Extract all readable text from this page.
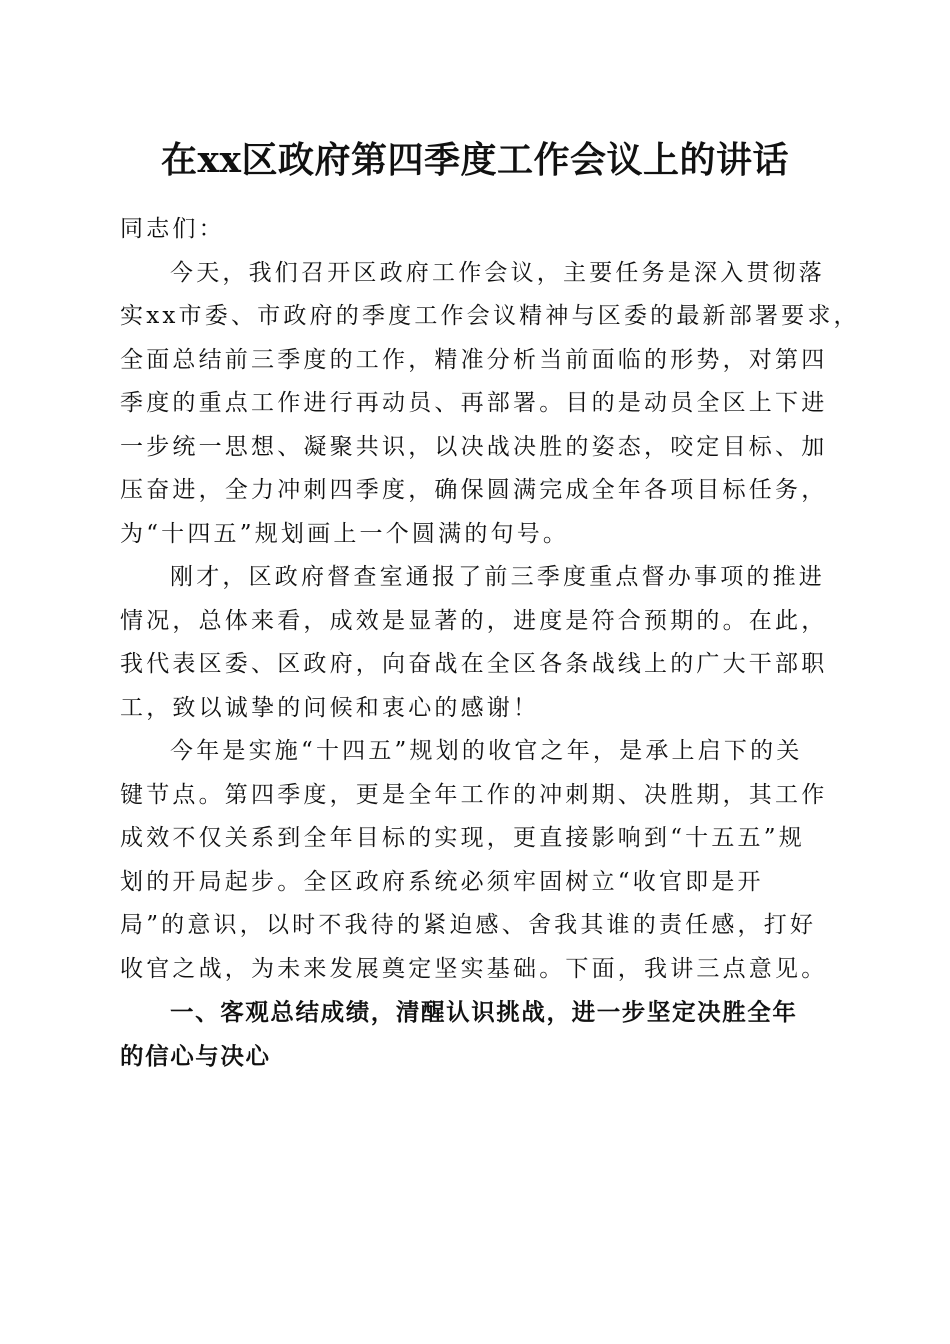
在xx区政府第四季度工作会议上的讲话

同志们：

今天，我们召开区政府工作会议，主要任务是深入贯彻落

实xx市委、市政府的季度工作会议精神与区委的最新部署要求，

全面总结前三季度的工作，精准分析当前面临的形势，对第四

季度的重点工作进行再动员、再部署。目的是动员全区上下进

一步统一思想、凝聚共识，以决战决胜的姿态，咬定目标、加

压奋进，全力冲刺四季度，确保圆满完成全年各项目标任务，

为“十四五”规划画上一个圆满的句号。

刚才，区政府督查室通报了前三季度重点督办事项的推进

情况，总体来看，成效是显著的，进度是符合预期的。在此，

我代表区委、区政府，向奋战在全区各条战线上的广大干部职

工，致以诚挚的问候和衷心的感谢！

今年是实施“十四五”规划的收官之年，是承上启下的关

键节点。第四季度，更是全年工作的冲刺期、决胜期，其工作

成效不仅关系到全年目标的实现，更直接影响到“十五五”规

划的开局起步。全区政府系统必须牢固树立“收官即是开

局”的意识，以时不我待的紧迫感、舍我其谁的责任感，打好

收官之战，为未来发展奠定坚实基础。下面，我讲三点意见。

一、客观总结成绩，清醒认识挑战，进一步坚定决胜全年
的信心与决心
